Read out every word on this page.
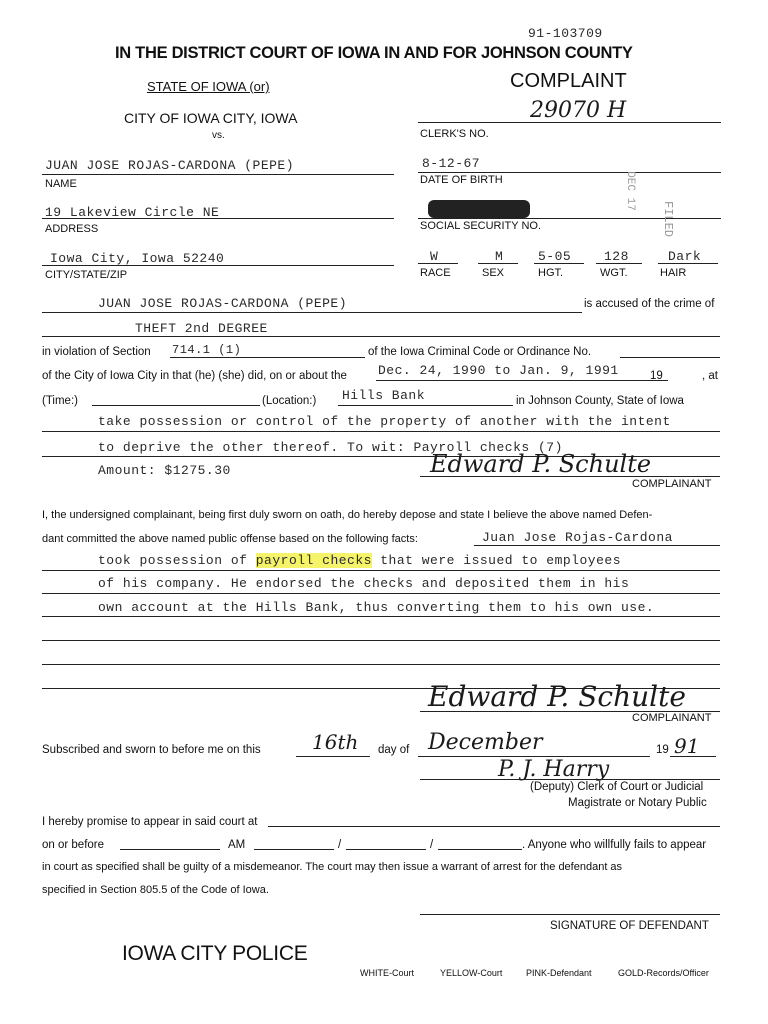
91-103709
IN THE DISTRICT COURT OF IOWA IN AND FOR JOHNSON COUNTY
STATE OF IOWA (or)	COMPLAINT
29070 H
CITY OF IOWA CITY, IOWA
vs.	CLERK'S NO.
JUAN JOSE ROJAS-CARDONA (PEPE)
NAME
8-12-67
DATE OF BIRTH
19 Lakeview Circle NE
ADDRESS	SOCIAL SECURITY NO.
Iowa City, Iowa 52240
CITY/STATE/ZIP
W	M	5-05	128	Dark
RACE	SEX	HGT.	WGT.	HAIR
FILED
DEC 17
JUAN JOSE ROJAS-CARDONA (PEPE)	is accused of the crime of
THEFT 2nd DEGREE
in violation of Section 714.1 (1)	of the Iowa Criminal Code or Ordinance No.
of the City of Iowa City in that (he) (she) did, on or about the Dec. 24, 1990 to Jan. 9, 1991	19	, at
(Time:)	(Location:) Hills Bank	in Johnson County, State of Iowa
take possession or control of the property of another with the intent
to deprive the other thereof. To wit: Payroll checks (7)
Amount: $1275.30	Edward P. Schulte
COMPLAINANT
I, the undersigned complainant, being first duly sworn on oath, do hereby depose and state I believe the above named Defen-
dant committed the above named public offense based on the following facts:	Juan Jose Rojas-Cardona
took possession of payroll checks that were issued to employees
of his company. He endorsed the checks and deposited them in his
own account at the Hills Bank, thus converting them to his own use.
Edward P. Schulte
COMPLAINANT
Subscribed and sworn to before me on this	16th day of December	19 91
P. J. Harry
(Deputy) Clerk of Court or Judicial
Magistrate or Notary Public
I hereby promise to appear in said court at
on or before	AM	/	/	. Anyone who willfully fails to appear
in court as specified shall be guilty of a misdemeanor. The court may then issue a warrant of arrest for the defendant as
specified in Section 805.5 of the Code of Iowa.
SIGNATURE OF DEFENDANT
IOWA CITY POLICE
WHITE-Court	YELLOW-Court	PINK-Defendant	GOLD-Records/Officer
